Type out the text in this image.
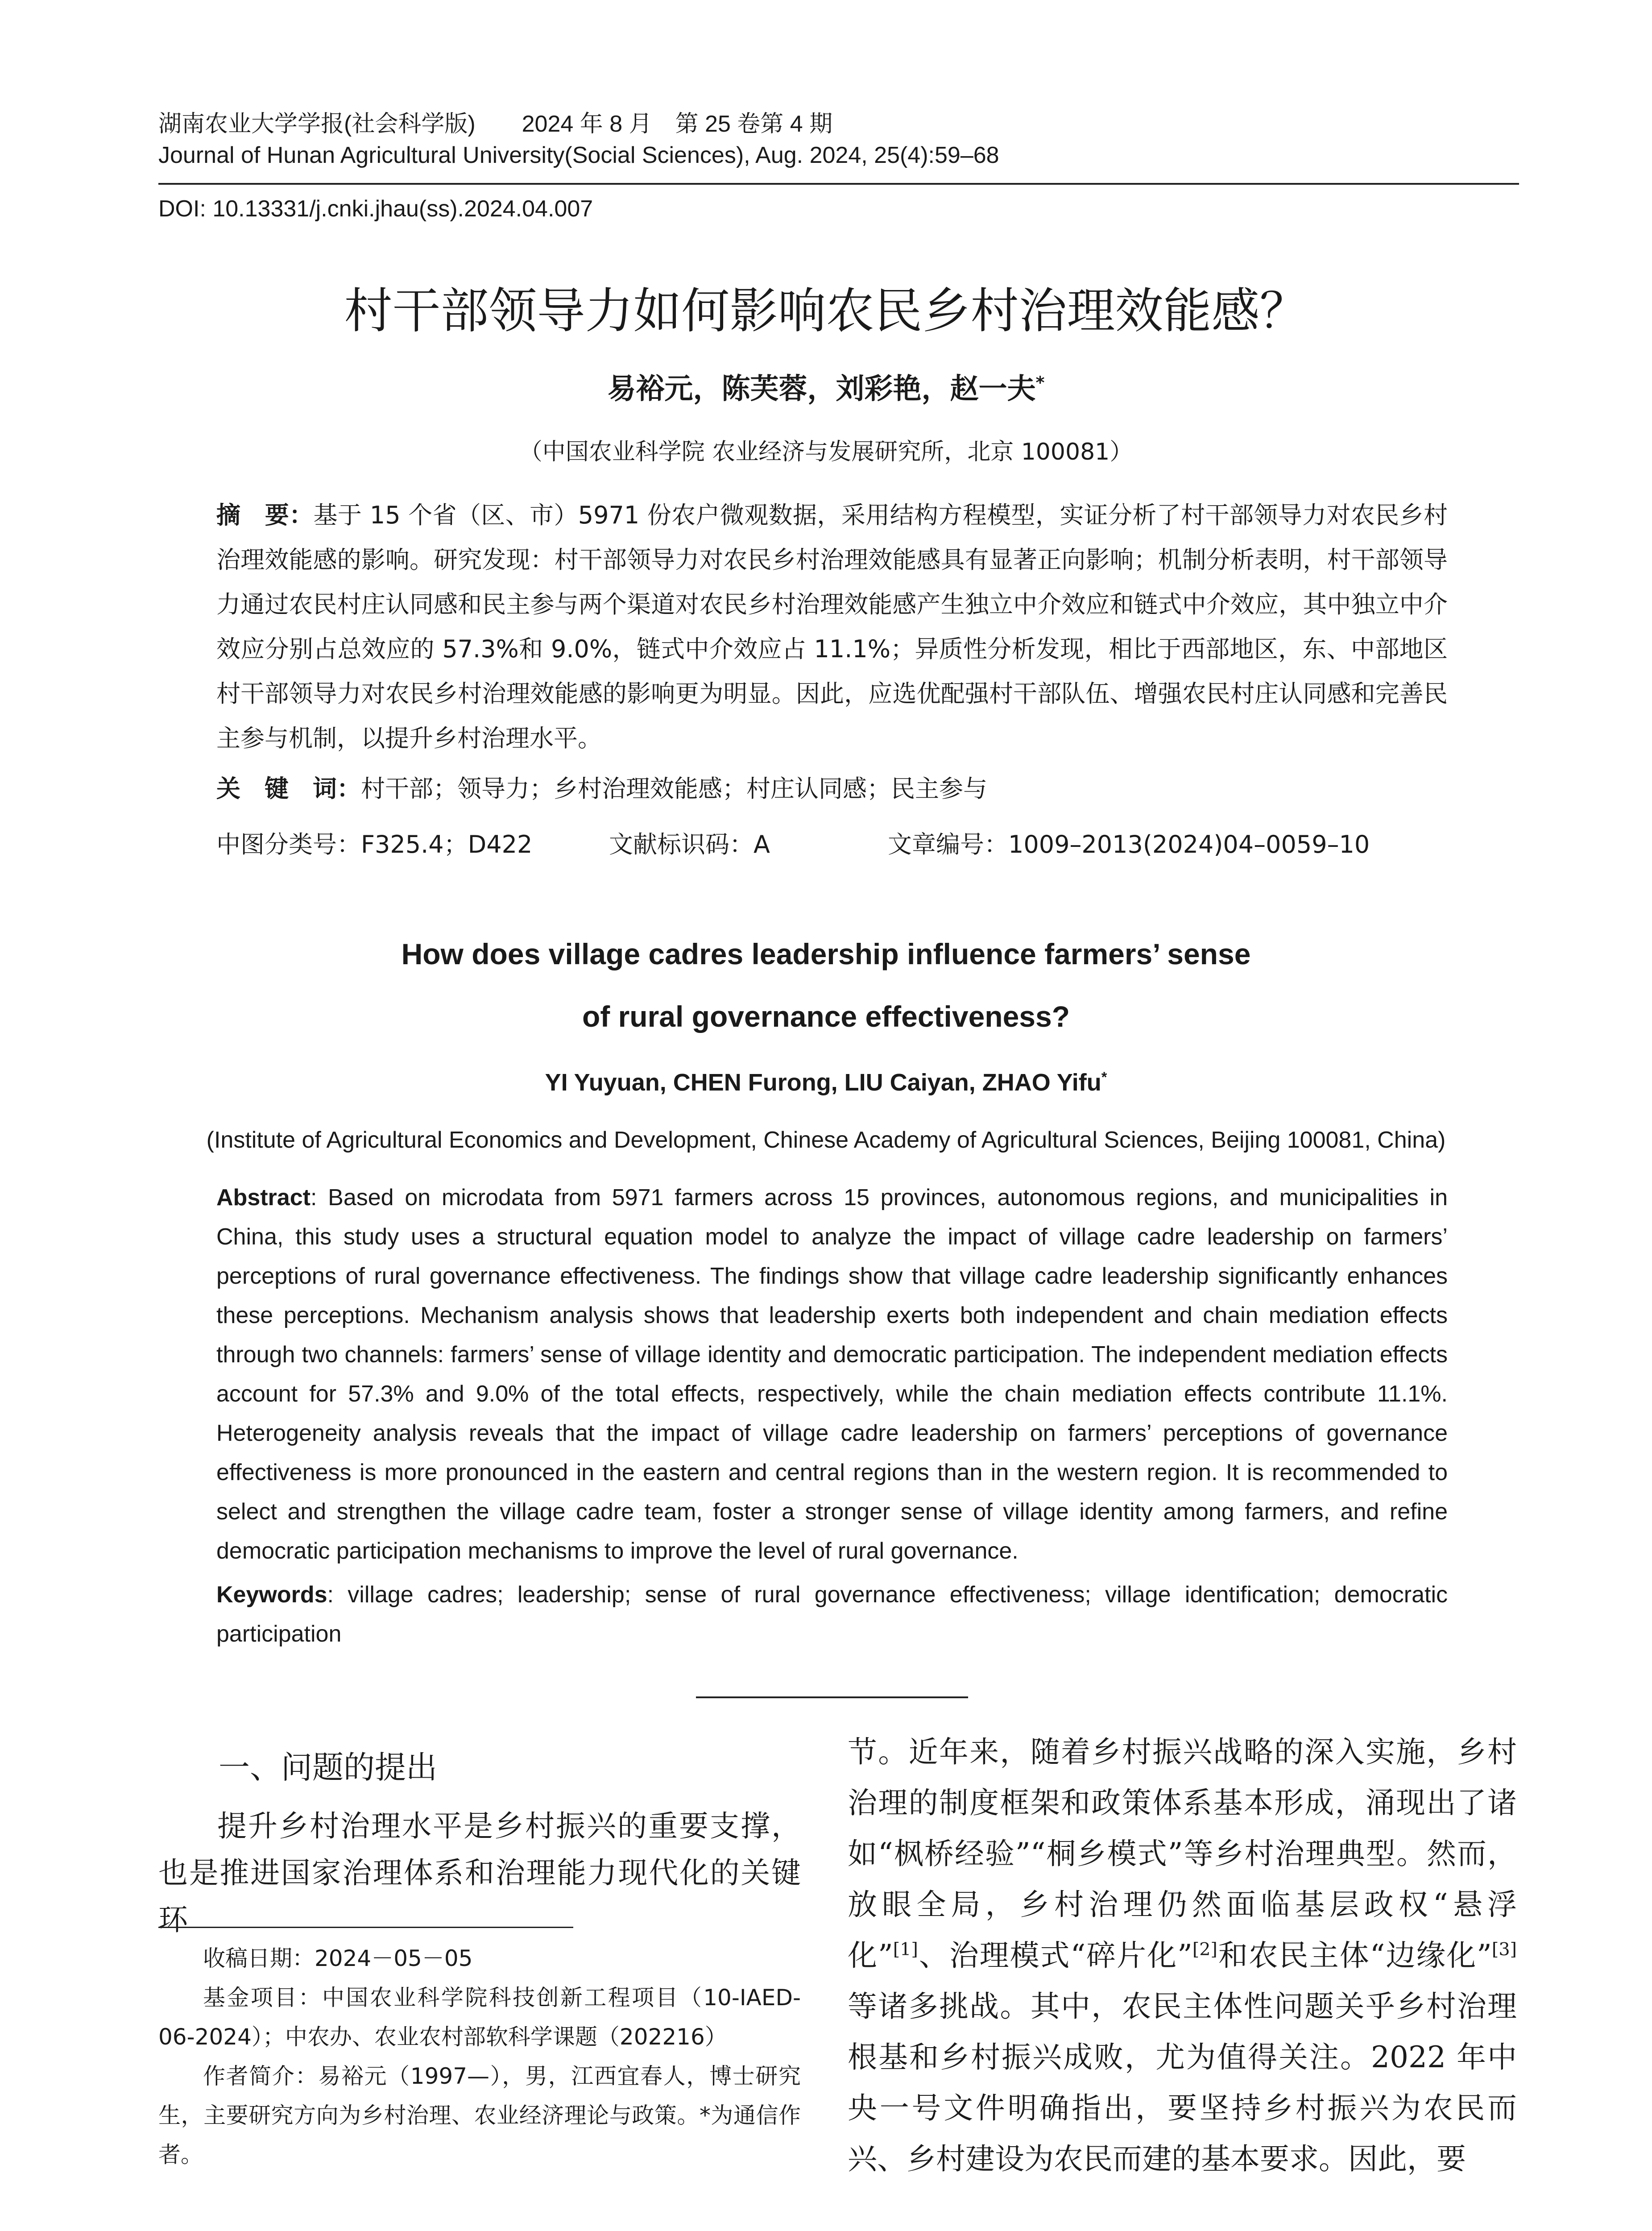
湖南农业大学学报(社会科学版)　　2024 年 8 月　第 25 卷第 4 期
Journal of Hunan Agricultural University(Social Sciences), Aug. 2024, 25(4):59–68
DOI: 10.13331/j.cnki.jhau(ss).2024.04.007
村干部领导力如何影响农民乡村治理效能感？
易裕元，陈芙蓉，刘彩艳，赵一夫*
（中国农业科学院 农业经济与发展研究所，北京 100081）
摘　要：基于 15 个省（区、市）5971 份农户微观数据，采用结构方程模型，实证分析了村干部领导力对农民乡村治理效能感的影响。研究发现：村干部领导力对农民乡村治理效能感具有显著正向影响；机制分析表明，村干部领导力通过农民村庄认同感和民主参与两个渠道对农民乡村治理效能感产生独立中介效应和链式中介效应，其中独立中介效应分别占总效应的 57.3%和 9.0%，链式中介效应占 11.1%；异质性分析发现，相比于西部地区，东、中部地区村干部领导力对农民乡村治理效能感的影响更为明显。因此，应选优配强村干部队伍、增强农民村庄认同感和完善民主参与机制，以提升乡村治理水平。
关　键　词：村干部；领导力；乡村治理效能感；村庄认同感；民主参与
中图分类号：F325.4；D422	文献标识码：A	文章编号：1009–2013(2024)04–0059–10
How does village cadres leadership influence farmers’ sense
of rural governance effectiveness?
YI Yuyuan, CHEN Furong, LIU Caiyan, ZHAO Yifu*
(Institute of Agricultural Economics and Development, Chinese Academy of Agricultural Sciences, Beijing 100081, China)
Abstract: Based on microdata from 5971 farmers across 15 provinces, autonomous regions, and municipalities in China, this study uses a structural equation model to analyze the impact of village cadre leadership on farmers’ perceptions of rural governance effectiveness. The findings show that village cadre leadership significantly enhances these perceptions. Mechanism analysis shows that leadership exerts both independent and chain mediation effects through two channels: farmers’ sense of village identity and democratic participation. The independent mediation effects account for 57.3% and 9.0% of the total effects, respectively, while the chain mediation effects contribute 11.1%. Heterogeneity analysis reveals that the impact of village cadre leadership on farmers’ perceptions of governance effectiveness is more pronounced in the eastern and central regions than in the western region. It is recommended to select and strengthen the village cadre team, foster a stronger sense of village identity among farmers, and refine democratic participation mechanisms to improve the level of rural governance.
Keywords: village cadres; leadership; sense of rural governance effectiveness; village identification; democratic participation
一、问题的提出
提升乡村治理水平是乡村振兴的重要支撑，也是推进国家治理体系和治理能力现代化的关键环

收稿日期：2024－05－05

基金项目：中国农业科学院科技创新工程项目（10-IAED-06-2024）；中农办、农业农村部软科学课题（202216）

作者简介：易裕元（1997—），男，江西宜春人，博士研究生，主要研究方向为乡村治理、农业经济理论与政策。*为通信作者。

节。近年来，随着乡村振兴战略的深入实施，乡村治理的制度框架和政策体系基本形成，涌现出了诸如“枫桥经验”“桐乡模式”等乡村治理典型。然而，放眼全局，乡村治理仍然面临基层政权“悬浮化”[1]、治理模式“碎片化”[2]和农民主体“边缘化”[3]等诸多挑战。其中，农民主体性问题关乎乡村治理根基和乡村振兴成败，尤为值得关注。2022 年中央一号文件明确指出，要坚持乡村振兴为农民而兴、乡村建设为农民而建的基本要求。因此，要
